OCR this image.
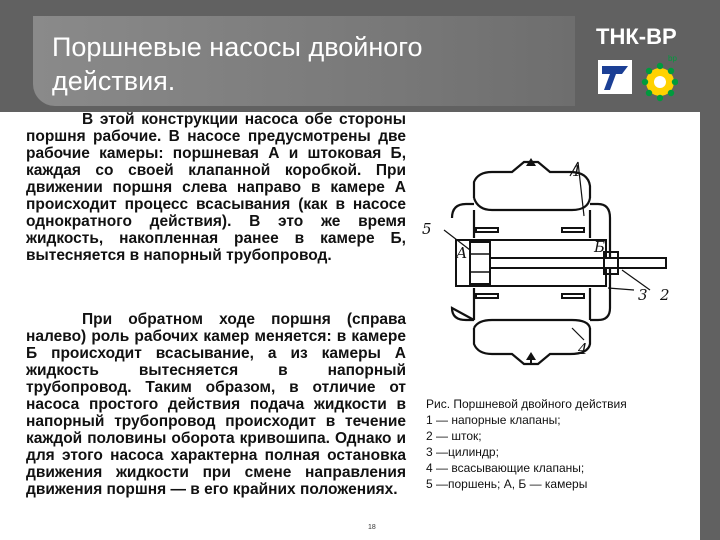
Поршневые насосы двойного
действия.
ТНК-ВР
bp
В этой конструкции насоса обе стороны поршня рабочие. В насосе предусмотрены две рабочие камеры: поршневая А и штоковая Б, каждая со своей клапанной коробкой. При движении поршня слева направо в камере А происходит процесс всасывания (как в насосе однократного действия). В это же время жидкость, накопленная ранее в камере Б, вытесняется в напорный трубопровод.
При обратном ходе поршня (справа налево) роль рабочих камер меняется: в камере Б происходит всасывание, а из камеры А жидкость вытесняется в напорный трубопровод. Таким образом, в отличие от насоса простого действия подача жидкости в напорный трубопровод происходит в течение каждой половины оборота кривошипа. Однако и для этого насоса характерна полная остановка движения жидкости при смене направления движения поршня — в его крайних положениях.
18
1
5
А	Б
3 2
4
Рис. Поршневой двойного действия
1 — напорные клапаны;
2 — шток;
3 —цилиндр;
4 — всасывающие клапаны;
5 —поршень; А, Б — камеры
